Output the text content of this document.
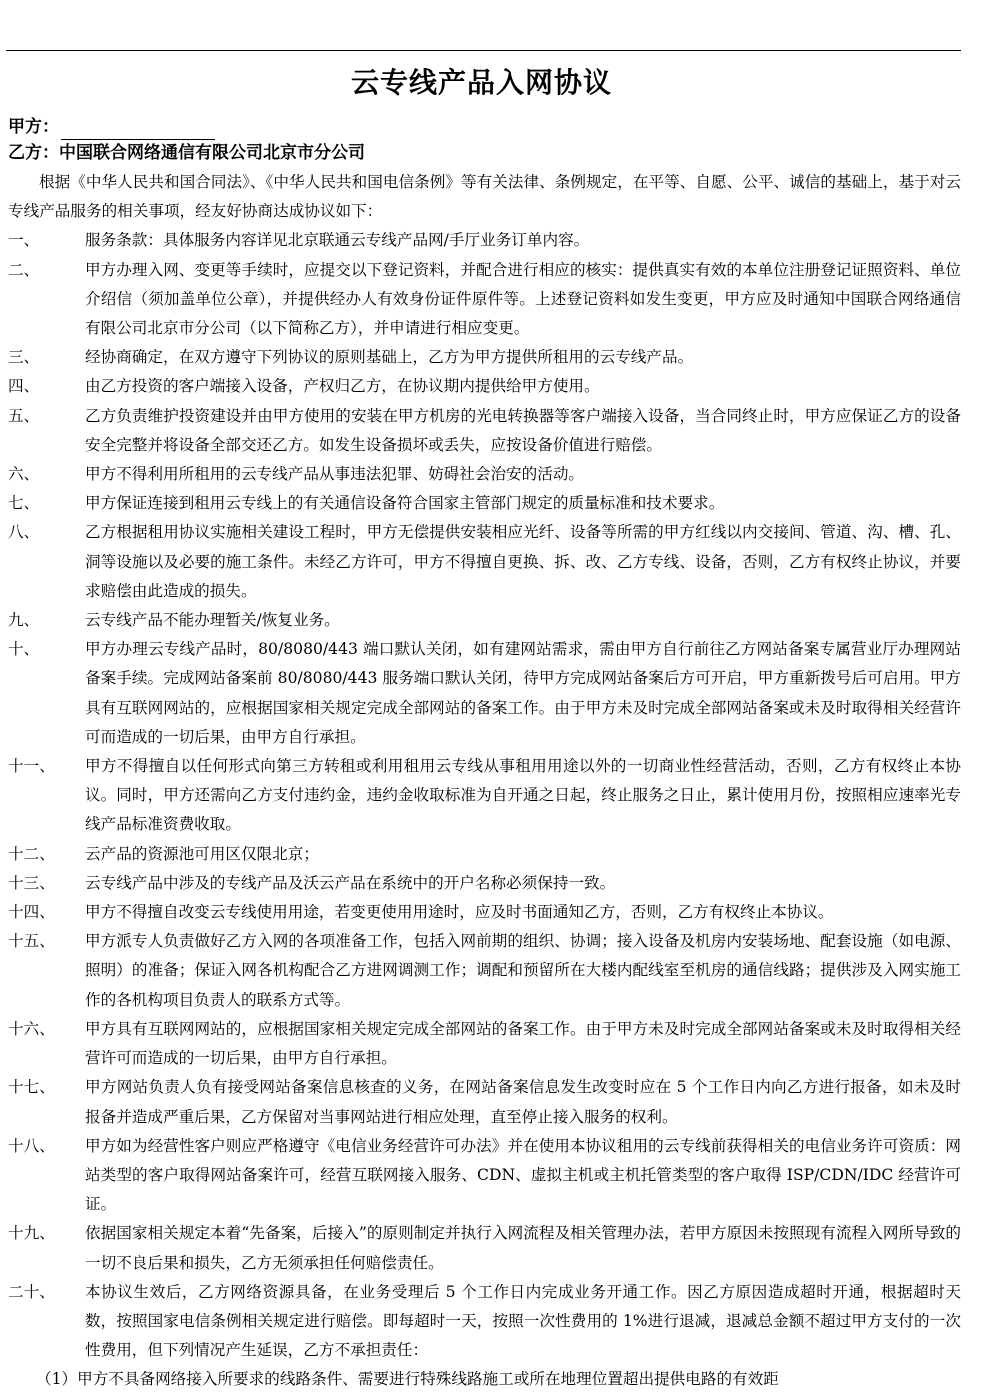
云专线产品入网协议
甲方：
乙方：中国联合网络通信有限公司北京市分公司

根据《中华人民共和国合同法》、《中华人民共和国电信条例》等有关法律、条例规定，在平等、自愿、公平、诚信的基础上，基于对云专线产品服务的相关事项，经友好协商达成协议如下：

一、	服务条款：具体服务内容详见北京联通云专线产品网/手厅业务订单内容。

二、	甲方办理入网、变更等手续时，应提交以下登记资料，并配合进行相应的核实：提供真实有效的本单位注册登记证照资料、单位介绍信（须加盖单位公章），并提供经办人有效身份证件原件等。上述登记资料如发生变更，甲方应及时通知中国联合网络通信有限公司北京市分公司（以下简称乙方），并申请进行相应变更。

三、	经协商确定，在双方遵守下列协议的原则基础上，乙方为甲方提供所租用的云专线产品。

四、	由乙方投资的客户端接入设备，产权归乙方，在协议期内提供给甲方使用。

五、	乙方负责维护投资建设并由甲方使用的安装在甲方机房的光电转换器等客户端接入设备，当合同终止时，甲方应保证乙方的设备安全完整并将设备全部交还乙方。如发生设备损坏或丢失，应按设备价值进行赔偿。

六、	甲方不得利用所租用的云专线产品从事违法犯罪、妨碍社会治安的活动。

七、	甲方保证连接到租用云专线上的有关通信设备符合国家主管部门规定的质量标准和技术要求。

八、	乙方根据租用协议实施相关建设工程时，甲方无偿提供安装相应光纤、设备等所需的甲方红线以内交接间、管道、沟、槽、孔、洞等设施以及必要的施工条件。未经乙方许可，甲方不得擅自更换、拆、改、乙方专线、设备，否则，乙方有权终止协议，并要求赔偿由此造成的损失。

九、	云专线产品不能办理暂关/恢复业务。

十、	甲方办理云专线产品时，80/8080/443 端口默认关闭，如有建网站需求，需由甲方自行前往乙方网站备案专属营业厅办理网站备案手续。完成网站备案前 80/8080/443 服务端口默认关闭，待甲方完成网站备案后方可开启，甲方重新拨号后可启用。甲方具有互联网网站的，应根据国家相关规定完成全部网站的备案工作。由于甲方未及时完成全部网站备案或未及时取得相关经营许可而造成的一切后果，由甲方自行承担。

十一、 甲方不得擅自以任何形式向第三方转租或利用租用云专线从事租用用途以外的一切商业性经营活动，否则，乙方有权终止本协议。同时，甲方还需向乙方支付违约金，违约金收取标准为自开通之日起，终止服务之日止，累计使用月份，按照相应速率光专线产品标准资费收取。

十二、 云产品的资源池可用区仅限北京；

十三、 云专线产品中涉及的专线产品及沃云产品在系统中的开户名称必须保持一致。

十四、 甲方不得擅自改变云专线使用用途，若变更使用用途时，应及时书面通知乙方，否则，乙方有权终止本协议。

十五、 甲方派专人负责做好乙方入网的各项准备工作，包括入网前期的组织、协调；接入设备及机房内安装场地、配套设施（如电源、照明）的准备；保证入网各机构配合乙方进网调测工作；调配和预留所在大楼内配线室至机房的通信线路；提供涉及入网实施工作的各机构项目负责人的联系方式等。

十六、 甲方具有互联网网站的，应根据国家相关规定完成全部网站的备案工作。由于甲方未及时完成全部网站备案或未及时取得相关经营许可而造成的一切后果，由甲方自行承担。

十七、 甲方网站负责人负有接受网站备案信息核查的义务，在网站备案信息发生改变时应在 5 个工作日内向乙方进行报备，如未及时报备并造成严重后果，乙方保留对当事网站进行相应处理，直至停止接入服务的权利。

十八、 甲方如为经营性客户则应严格遵守《电信业务经营许可办法》并在使用本协议租用的云专线前获得相关的电信业务许可资质：网站类型的客户取得网站备案许可，经营互联网接入服务、CDN、虚拟主机或主机托管类型的客户取得 ISP/CDN/IDC 经营许可证。

十九、 依据国家相关规定本着“先备案，后接入”的原则制定并执行入网流程及相关管理办法，若甲方原因未按照现有流程入网所导致的一切不良后果和损失，乙方无须承担任何赔偿责任。

二十、 本协议生效后，乙方网络资源具备，在业务受理后 5 个工作日内完成业务开通工作。因乙方原因造成超时开通，根据超时天数，按照国家电信条例相关规定进行赔偿。即每超时一天，按照一次性费用的 1%进行退减，退减总金额不超过甲方支付的一次性费用，但下列情况产生延误，乙方不承担责任：

（1）甲方不具备网络接入所要求的线路条件、需要进行特殊线路施工或所在地理位置超出提供电路的有效距
